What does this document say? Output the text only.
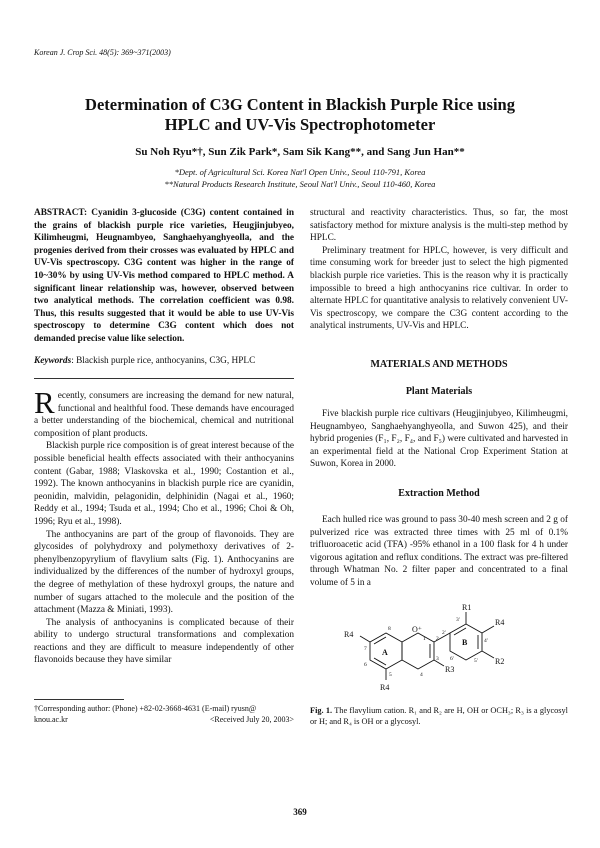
Korean J. Crop Sci. 48(5): 369~371(2003)
Determination of C3G Content in Blackish Purple Rice using
HPLC and UV-Vis Spectrophotometer
Su Noh Ryu*†, Sun Zik Park*, Sam Sik Kang**, and Sang Jun Han**
*Dept. of Agricultural Sci. Korea Nat'l Open Univ., Seoul 110-791, Korea
**Natural Products Research Institute, Seoul Nat'l Univ., Seoul 110-460, Korea
ABSTRACT: Cyanidin 3-glucoside (C3G) content contained in the grains of blackish purple rice varieties, Heugjinjubyeo, Kilimheugmi, Heugnambyeo, Sanghaehyanghyeolla, and the progenies derived from their crosses was evaluated by HPLC and UV-Vis spectroscopy. C3G content was higher in the range of 10~30% by using UV-Vis method compared to HPLC method. A significant linear relationship was, however, observed between two analytical methods. The correlation coefficient was 0.98. Thus, this results suggested that it would be able to use UV-Vis spectroscopy to determine C3G content which does not demanded precise value like selection.
Keywords: Blackish purple rice, anthocyanins, C3G, HPLC

Recently, consumers are increasing the demand for new natural, functional and healthful food. These demands have encouraged a better understanding of the biochemical, chemical and nutritional composition of plant products.

Blackish purple rice composition is of great interest because of the possible beneficial health effects associated with their anthocyanins content (Gabar, 1988; Vlaskovska et al., 1990; Costantion et al., 1992). The known anthocyanins in blackish purple rice are cyanidin, peonidin, malvidin, pelagonidin, delphinidin (Nagai et al., 1960; Reddy et al., 1994; Tsuda et al., 1994; Cho et al., 1996; Choi & Oh, 1996; Ryu et al., 1998).

The anthocyanins are part of the group of flavonoids. They are glycosides of polyhydroxy and polymethoxy derivatives of 2-phenylbenzopyrylium of flavylium salts (Fig. 1). Anthocyanins are individualized by the differences of the number of hydroxyl groups, the degree of methylation of these hydroxyl groups, the nature and number of sugars attached to the molecule and the position of the attachment (Mazza & Miniati, 1993).

The analysis of anthocyanins is complicated because of their ability to undergo structural transformations and complexation reactions and they are difficult to measure independently of other flavonoids because they have similar

†Corresponding author: (Phone) +82-02-3668-4631 (E-mail) ryusn@
knou.ac.kr	<Received July 20, 2003>

structural and reactivity characteristics. Thus, so far, the most satisfactory method for mixture analysis is the multi-step method by HPLC.

Preliminary treatment for HPLC, however, is very difficult and time consuming work for breeder just to select the high pigmented blackish purple rice varieties. This is the reason why it is practically impossible to breed a high anthocyanins rice cultivar. In order to alternate HPLC for quantitative analysis to relatively convenient UV-Vis spectroscopy, we compare the C3G content according to the analytical instruments, UV-Vis and HPLC.

MATERIALS AND METHODS
Plant Materials

Five blackish purple rice cultivars (Heugjinjubyeo, Kilimheugmi, Heugnambyeo, Sanghaehyanghyeolla, and Suwon 425), and their hybrid progenies (F₁, F₂, F₄, and F₅) were cultivated and harvested in an experimental field at the National Crop Experiment Station at Suwon, Korea in 2000.

Extraction Method

Each hulled rice was ground to pass 30-40 mesh screen and 2 g of pulverized rice was extracted three times with 25 ml of 0.1% trifluoroacetic acid (TFA) -95% ethanol in a 100 flask for 4 h under vigorous agitation and reflux conditions. The extract was pre-filtered through Whatman No. 2 filter paper and concentrated to a final volume of 5 in a

R1
R4
R2
R4
R3
R4
A
B
O⁺
8
7
6
5	4
3
2
1
2'
3'
4'
5'
6'
Fig. 1. The flavylium cation. R₁ and R₂ are H, OH or OCH₃; R₃ is a glycosyl or H; and R₄ is OH or a glycosyl.
369
